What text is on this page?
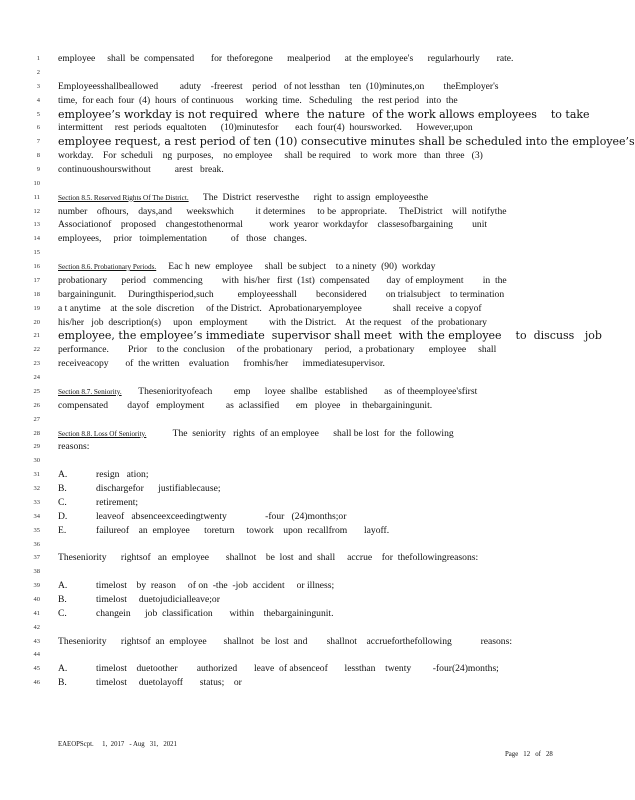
1 employee     shall  be  compensated       for  theforegone      mealperiod      at  the employee's      regularhourly       rate.
2
3 Employeesshallbeallowed         aduty    -freerest    period   of not lessthan    ten  (10)minutes,on        theEmployer's
4 time,  for each  four  (4)  hours  of continuous     working  time.   Scheduling    the  rest period   into  the
5 employee’s workday is not required  where  the nature  of the work allows employees    to take
6 intermittent     rest  periods  equaltoten      (10)minutesfor       each  four(4)  hoursworked.      However,upon
7 employee request, a rest period of ten (10) consecutive minutes shall be scheduled into the employee’s
8 workday.    For  scheduli    ng  purposes,    no employee     shall  be required    to  work  more   than  three   (3)
9 continuoushourswithout          arest   break.
10
11	Section 8.5. Reserved Rights Of The District.      The  District  reservesthe      right  to assign  employeesthe
12 number    ofhours,    days,and      weekswhich         it determines     to be  appropriate.     TheDistrict    will  notifythe
13 Associationof    proposed    changestothenormal           work  yearor  workdayfor    classesofbargaining        unit
14 employees,     prior   toimplementation          of   those   changes.
15
16	Section 8.6. Probationary Periods.     Eac h  new  employee     shall  be subject    to a ninety  (90)  workday
17 probationary      period   commencing        with  his/her   first  (1st)  compensated       day  of employment        in  the
18 bargainingunit.     Duringthisperiod,such          employeesshall        beconsidered        on trialsubject    to termination
19 a t anytime    at  the sole  discretion     of the District.   Aprobationaryemployee             shall  receive  a copyof
20 his/her   job  description(s)     upon   employment         with  the District.    At  the request    of the  probationary
21 employee, the employee’s immediate  supervisor shall meet  with the employee    to  discuss   job
22 performance.        Prior    to the  conclusion     of the  probationary     period,   a probationary      employee     shall
23 receiveacopy       of  the written    evaluation      fromhis/her      immediatesupervisor.
24
25	Section 8.7. Seniority.       Theseniorityofeach         emp      loyee  shallbe   established       as  of theemployee'sfirst
26 compensated        dayof   employment         as  aclassified       em   ployee    in  thebargainingunit.
27
28	Section 8.8. Loss Of Seniority.           The  seniority   rights  of an employee      shall be lost  for  the  following
29 reasons:
30
31 A.	resign   ation;
32 B.	dischargefor      justifiablecause;
33 C.	retirement;
34 D.	leaveof   absenceexceedingtwenty                -four   (24)months;or
35 E.	failureof    an  employee      toreturn     towork    upon  recallfrom       layoff.
36
37 Theseniority      rightsof   an  employee       shallnot    be  lost  and  shall     accrue    for  thefollowingreasons:
38
39 A.	timelost    by  reason     of on  -the  -job  accident     or illness;
40 B.	timelost     duetojudicialleave;or
41 C.	changein      job  classification       within    thebargainingunit.
42
43 Theseniority      rightsof  an  employee       shallnot   be  lost  and        shallnot    accrueforthefollowing            reasons:
44
45 A.	timelost    duetoother        authorized       leave  of absenceof       lessthan    twenty         -four(24)months;
46 B.	timelost     duetolayoff       status;    or
EAEOPScpt.     1,  2017   - Aug   31,   2021
Page   12   of   28
